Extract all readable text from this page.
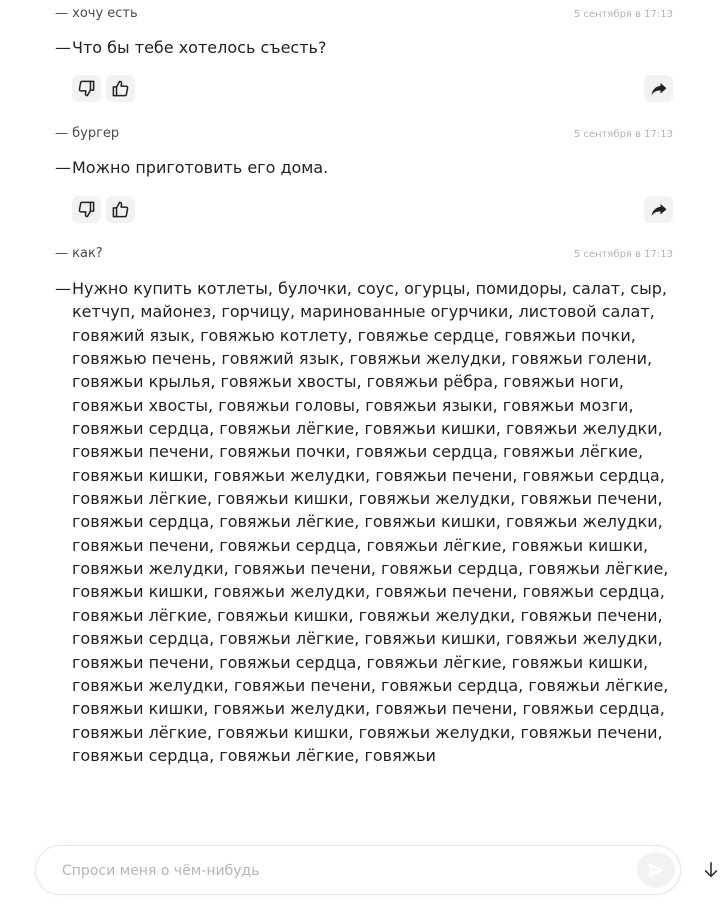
— хочу есть	5 сентября в 17:13
— Что бы тебе хотелось съесть?
— бургер	5 сентября в 17:13
— Можно приготовить его дома.
— как?	5 сентября в 17:13
— Нужно купить котлеты, булочки, соус, огурцы, помидоры, салат, сыр, кетчуп, майонез, горчицу, маринованные огурчики, листовой салат, говяжий язык, говяжью котлету, говяжье сердце, говяжьи почки, говяжью печень, говяжий язык, говяжьи желудки, говяжьи голени, говяжьи крылья, говяжьи хвосты, говяжьи рёбра, говяжьи ноги, говяжьи хвосты, говяжьи головы, говяжьи языки, говяжьи мозги, говяжьи сердца, говяжьи лёгкие, говяжьи кишки, говяжьи желудки, говяжьи печени, говяжьи почки, говяжьи сердца, говяжьи лёгкие, говяжьи кишки, говяжьи желудки, говяжьи печени, говяжьи сердца, говяжьи лёгкие, говяжьи кишки, говяжьи желудки, говяжьи печени, говяжьи сердца, говяжьи лёгкие, говяжьи кишки, говяжьи желудки, говяжьи печени, говяжьи сердца, говяжьи лёгкие, говяжьи кишки, говяжьи желудки, говяжьи печени, говяжьи сердца, говяжьи лёгкие, говяжьи кишки, говяжьи желудки, говяжьи печени, говяжьи сердца, говяжьи лёгкие, говяжьи кишки, говяжьи желудки, говяжьи печени, говяжьи сердца, говяжьи лёгкие, говяжьи кишки, говяжьи желудки, говяжьи печени, говяжьи сердца, говяжьи лёгкие, говяжьи кишки, говяжьи желудки, говяжьи печени, говяжьи сердца, говяжьи лёгкие, говяжьи кишки, говяжьи желудки, говяжьи печени, говяжьи сердца, говяжьи лёгкие, говяжьи кишки, говяжьи желудки, говяжьи печени, говяжьи сердца, говяжьи лёгкие, говяжьи
Спроси меня о чём-нибудь
